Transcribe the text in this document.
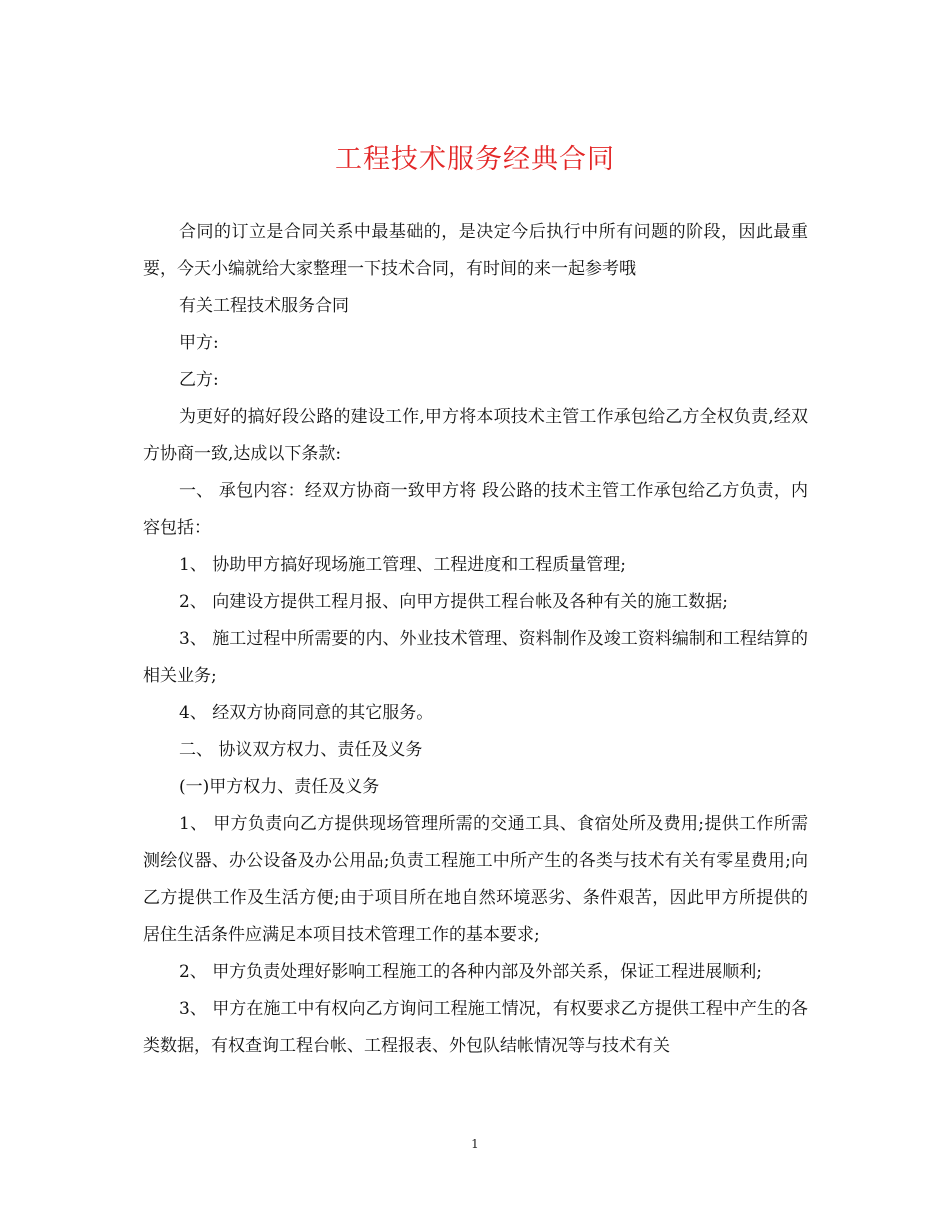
工程技术服务经典合同

合同的订立是合同关系中最基础的，是决定今后执行中所有问题的阶段，因此最重要，今天小编就给大家整理一下技术合同，有时间的来一起参考哦

有关工程技术服务合同

甲方:

乙方:

为更好的搞好段公路的建设工作,甲方将本项技术主管工作承包给乙方全权负责,经双方协商一致,达成以下条款:

一、 承包内容：经双方协商一致甲方将 段公路的技术主管工作承包给乙方负责，内容包括：

1、 协助甲方搞好现场施工管理、工程进度和工程质量管理;

2、 向建设方提供工程月报、向甲方提供工程台帐及各种有关的施工数据;

3、 施工过程中所需要的内、外业技术管理、资料制作及竣工资料编制和工程结算的相关业务;

4、 经双方协商同意的其它服务。

二、 协议双方权力、责任及义务

(一)甲方权力、责任及义务

1、 甲方负责向乙方提供现场管理所需的交通工具、食宿处所及费用;提供工作所需测绘仪器、办公设备及办公用品;负责工程施工中所产生的各类与技术有关有零星费用;向乙方提供工作及生活方便;由于项目所在地自然环境恶劣、条件艰苦，因此甲方所提供的居住生活条件应满足本项目技术管理工作的基本要求;

2、 甲方负责处理好影响工程施工的各种内部及外部关系，保证工程进展顺利;

3、 甲方在施工中有权向乙方询问工程施工情况，有权要求乙方提供工程中产生的各类数据，有权查询工程台帐、工程报表、外包队结帐情况等与技术有关

1
